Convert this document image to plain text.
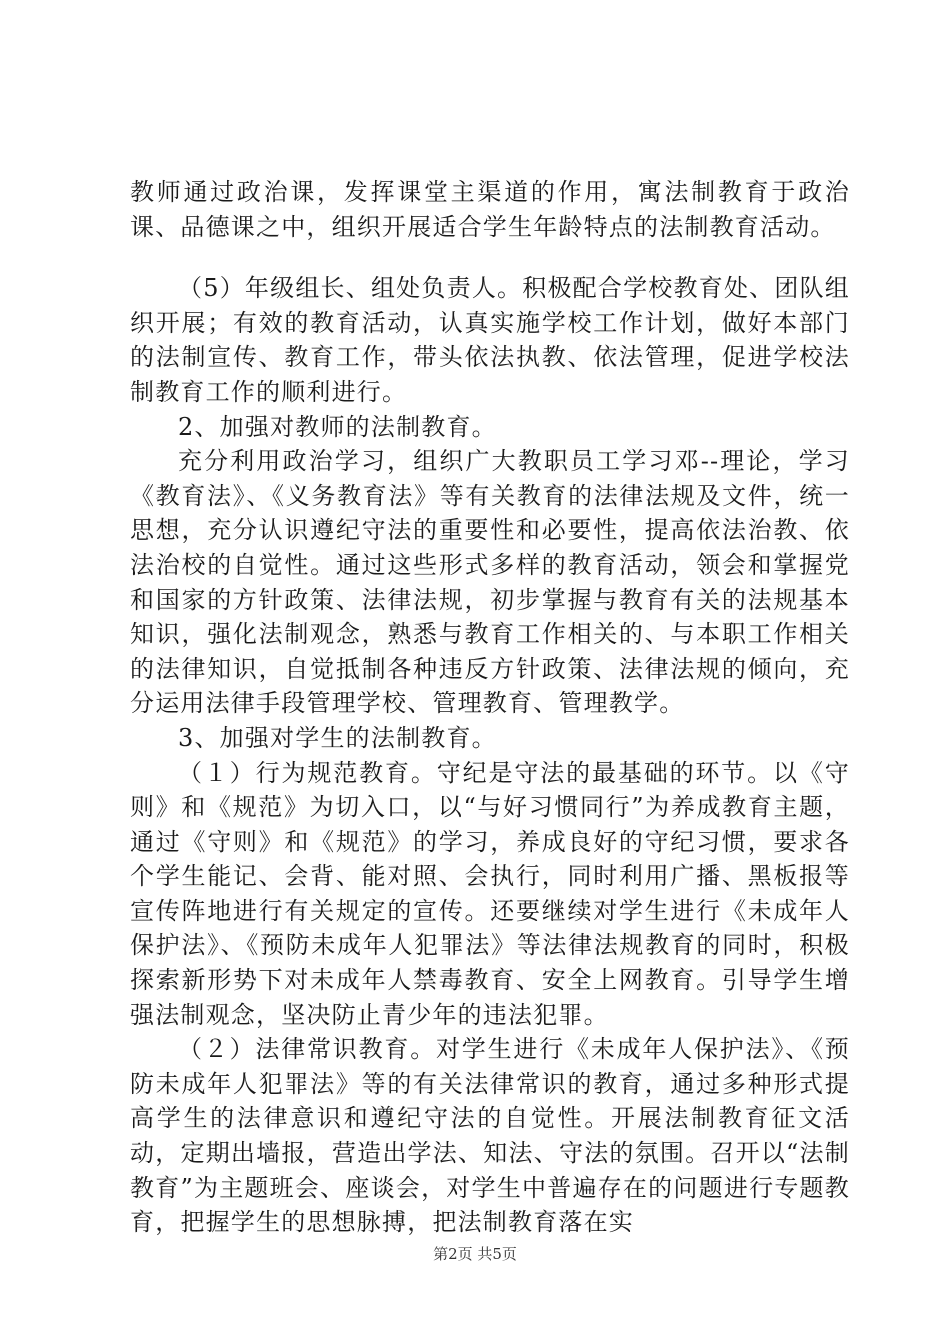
教师通过政治课，发挥课堂主渠道的作用，寓法制教育于政治课、品德课之中，组织开展适合学生年龄特点的法制教育活动。

（5）年级组长、组处负责人。积极配合学校教育处、团队组织开展；有效的教育活动，认真实施学校工作计划，做好本部门的法制宣传、教育工作，带头依法执教、依法管理，促进学校法制教育工作的顺利进行。

2、加强对教师的法制教育。

充分利用政治学习，组织广大教职员工学习邓--理论，学习《教育法》、《义务教育法》等有关教育的法律法规及文件，统一思想，充分认识遵纪守法的重要性和必要性，提高依法治教、依法治校的自觉性。通过这些形式多样的教育活动，领会和掌握党和国家的方针政策、法律法规，初步掌握与教育有关的法规基本知识，强化法制观念，熟悉与教育工作相关的、与本职工作相关的法律知识，自觉抵制各种违反方针政策、法律法规的倾向，充分运用法律手段管理学校、管理教育、管理教学。

3、加强对学生的法制教育。

（１）行为规范教育。守纪是守法的最基础的环节。以《守则》和《规范》为切入口，以“与好习惯同行”为养成教育主题，通过《守则》和《规范》的学习，养成良好的守纪习惯，要求各个学生能记、会背、能对照、会执行，同时利用广播、黑板报等宣传阵地进行有关规定的宣传。还要继续对学生进行《未成年人保护法》、《预防未成年人犯罪法》等法律法规教育的同时，积极探索新形势下对未成年人禁毒教育、安全上网教育。引导学生增强法制观念，坚决防止青少年的违法犯罪。

（２）法律常识教育。对学生进行《未成年人保护法》、《预防未成年人犯罪法》等的有关法律常识的教育，通过多种形式提高学生的法律意识和遵纪守法的自觉性。开展法制教育征文活动，定期出墙报，营造出学法、知法、守法的氛围。召开以“法制教育”为主题班会、座谈会，对学生中普遍存在的问题进行专题教育，把握学生的思想脉搏，把法制教育落在实

第2页 共5页
